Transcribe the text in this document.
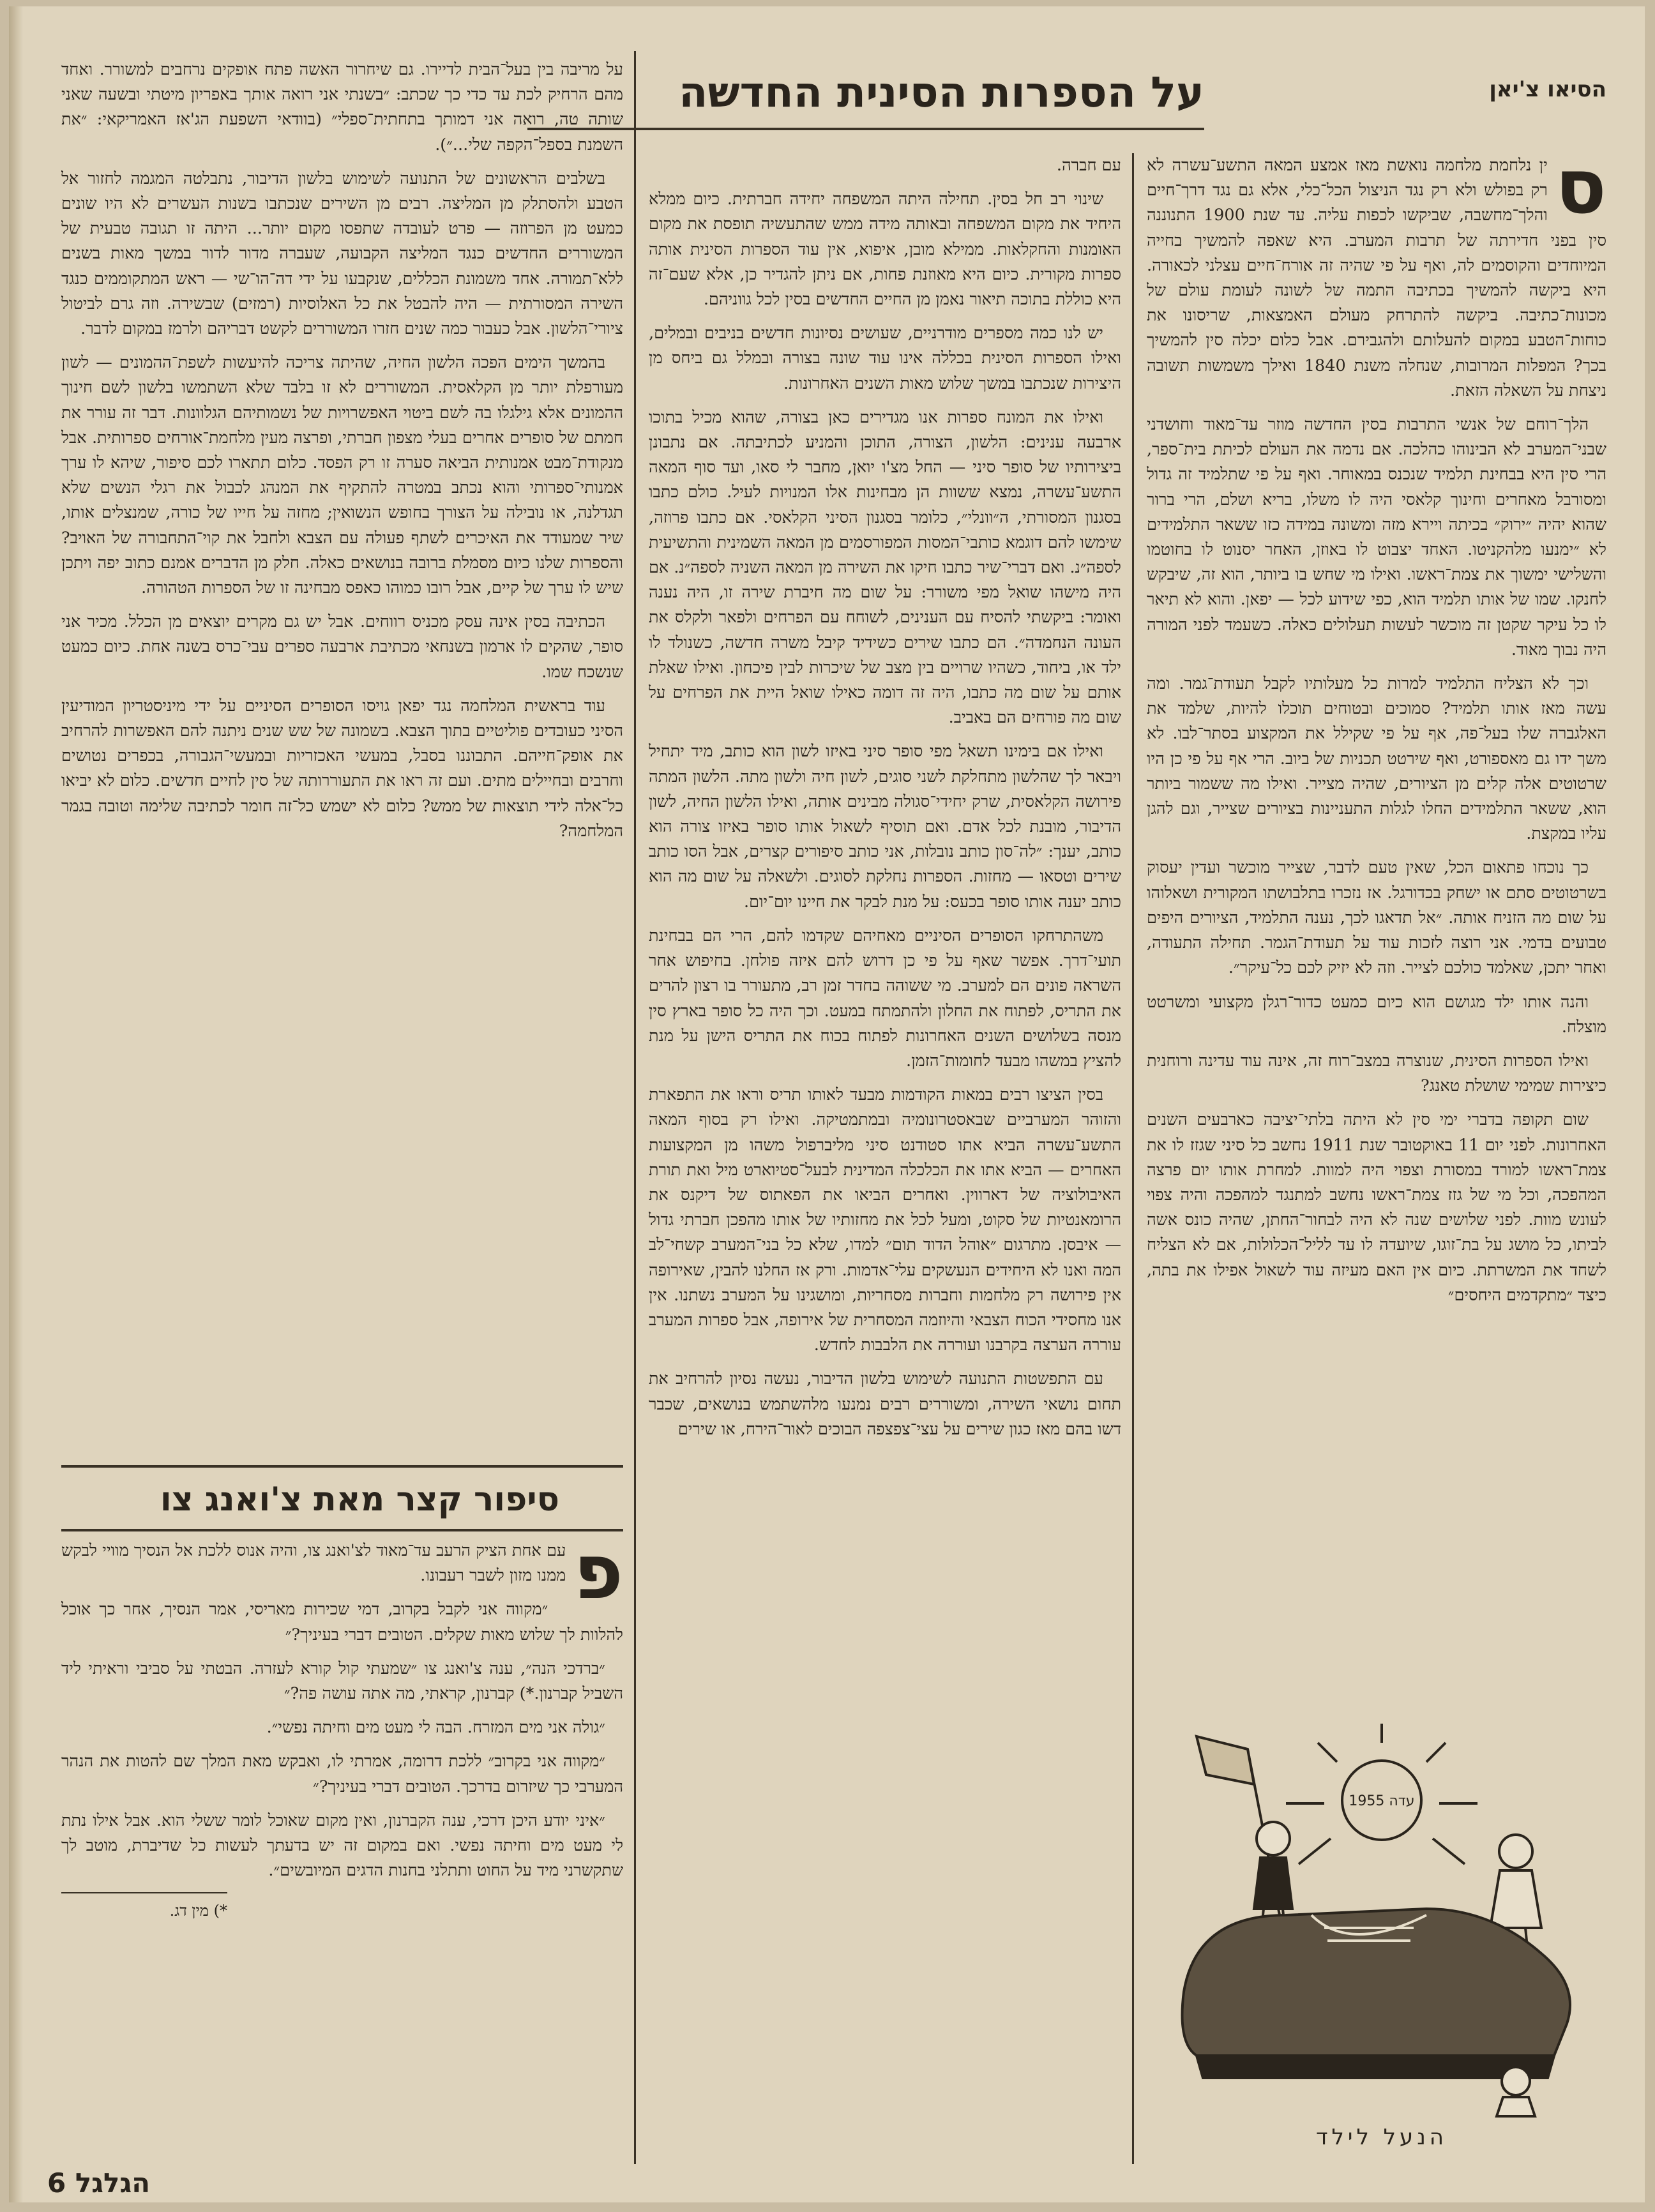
הסיאו צ'יאן
על הספרות הסינית החדשה
ס

ין נלחמת מלחמה נואשת מאז אמצע המאה התשע־עשרה לא רק בפולש ולא רק נגד הניצול הכל־כלי, אלא גם נגד דרך־חיים והלך־מחשבה, שביקשו לכפות עליה. עד שנת 1900 התנוננה סין בפני חדירתה של תרבות המערב. היא שאפה להמשיך בחייה המיוחדים והקוסמים לה, ואף על פי שהיה זה אורח־חיים עצלני לכאורה. היא ביקשה להמשיך בכתיבה התמה של לשונה לעומת עולם של מכונות־כתיבה. ביקשה להתרחק מעולם האמצאות, שריסונו את כוחות־הטבע במקום להעלותם ולהגבירם. אבל כלום יכלה סין להמשיך בכך? המפלות המרובות, שנחלה משנת 1840 ואילך משמשות תשובה ניצחת על השאלה הזאת.

הלך־רוחם של אנשי התרבות בסין החדשה מוזר עד־מאוד וחושדני שבני־המערב לא הבינוהו כהלכה. אם נדמה את העולם לכיתת בית־ספר, הרי סין היא בבחינת תלמיד שנכנס במאוחר. ואף על פי שתלמיד זה גדול ומסורבל מאחרים וחינוך קלאסי היה לו משלו, בריא ושלם, הרי ברור שהוא יהיה ״ירוק״ בכיתה ויירא מזה ומשונה במידה כזו ששאר התלמידים לא ״ימנעו מלהקניטו. האחד יצבוט לו באוזן, האחר יסנוט לו בחוטמו והשלישי ימשוך את צמת־ראשו. ואילו מי שחש בו ביותר, הוא זה, שיבקש לחנקו. שמו של אותו תלמיד הוא, כפי שידוע לכל — יפאן. והוא לא תיאר לו כל עיקר שקטן זה מוכשר לעשות תעלולים כאלה. כשעמד לפני המורה היה נבוך מאוד.

וכך לא הצליח התלמיד למרות כל מעלותיו לקבל תעודת־גמר. ומה עשה מאז אותו תלמיד? סמוכים ובטוחים תוכלו להיות, שלמד את האלגברה שלו בעל־פה, אף על פי שקילל את המקצוע בסתר־לבו. לא משך ידו גם מאספורט, ואף שירטט תכניות של ביוב. הרי אף על פי כן היו שרטוטים אלה קלים מן הציורים, שהיה מצייר. ואילו מה ששמור ביותר הוא, ששאר התלמידים החלו לגלות התעניינות בציורים שצייר, וגם להגן עליו במקצת.

כך נוכחו פתאום הכל, שאין טעם לדבר, שצייר מוכשר ועדין יעסוק בשרטוטים סתם או ישחק בכדורגל. אז נזכרו בתלבושתו המקורית ושאלוהו על שום מה הזניח אותה. ״אל תדאגו לכך, נענה התלמיד, הציורים היפים טבועים בדמי. אני רוצה לזכות עוד על תעודת־הגמר. תחילה התעודה, ואחר יתכן, שאלמד כולכם לצייר. וזה לא יזיק לכם כל־עיקר״.

והנה אותו ילד מגושם הוא כיום כמעט כדור־רגלן מקצועי ומשרטט מוצלח.

ואילו הספרות הסינית, שנוצרה במצב־רוח זה, אינה עוד עדינה ורוחנית כיצירות שמימי שושלת טאנג?

שום תקופה בדברי ימי סין לא היתה בלתי־יציבה כארבעים השנים האחרונות. לפני יום 11 באוקטובר שנת 1911 נחשב כל סיני שגזז לו את צמת־ראשו למורד במסורת וצפוי היה למוות. למחרת אותו יום פרצה המהפכה, וכל מי של גזז צמת־ראשו נחשב למתנגד למהפכה והיה צפוי לעונש מוות. לפני שלושים שנה לא היה לבחור־החתן, שהיה כונס אשה לביתו, כל מושג על בת־זוגו, שיועדה לו עד לליל־הכלולות, אם לא הצליח לשחד את המשרתת. כיום אין האם מעיזה עוד לשאול אפילו את בתה, כיצד ״מתקדמים היחסים״

עם חברה.

שינוי רב חל בסין. תחילה היתה המשפחה יחידה חברתית. כיום ממלא היחיד את מקום המשפחה ובאותה מידה ממש שהתעשיה תופסת את מקום האומנות והחקלאות. ממילא מובן, איפוא, אין עוד הספרות הסינית אותה ספרות מקורית. כיום היא מאוזנת פחות, אם ניתן להגדיר כן, אלא שעם־זה היא כוללת בתוכה תיאור נאמן מן החיים החדשים בסין לכל גווניהם.

יש לנו כמה מספרים מודרניים, שעושים נסיונות חדשים בניבים ובמלים, ואילו הספרות הסינית בכללה אינו עוד שונה בצורה ובמלל גם ביחס מן היצירות שנכתבו במשך שלוש מאות השנים האחרונות.

ואילו את המונח ספרות אנו מגדירים כאן בצורה, שהוא מכיל בתוכו ארבעה ענינים: הלשון, הצורה, התוכן והמניע לכתיבתה. אם נתבונן ביצירותיו של סופר סיני — החל מצ'ו יואן, מחבר לי סאו, ועד סוף המאה התשע־עשרה, נמצא ששוות הן מבחינות אלו המנויות לעיל. כולם כתבו בסגנון המסורתי, ה״וונלי״, כלומר בסגנון הסיני הקלאסי. אם כתבו פרוזה, שימשו להם דוגמא כותבי־המסות המפורסמים מן המאה השמינית והתשיעית לספה״נ. ואם דברי־שיר כתבו חיקו את השירה מן המאה השניה לספה״נ. אם היה מישהו שואל מפי משורר: על שום מה חיברת שירה זו, היה נענה ואומר: ביקשתי להסיח עם הענינים, לשוחח עם הפרחים ולפאר ולקלס את העונה הנחמדה״. הם כתבו שירים כשידיד קיבל משרה חדשה, כשנולד לו ילד או, ביחוד, כשהיו שרויים בין מצב של שיכרות לבין פיכחון. ואילו שאלת אותם על שום מה כתבו, היה זה דומה כאילו שואל היית את הפרחים על שום מה פורחים הם באביב.

ואילו אם בימינו תשאל מפי סופר סיני באיזו לשון הוא כותב, מיד יתחיל ויבאר לך שהלשון מתחלקת לשני סוגים, לשון חיה ולשון מתה. הלשון המתה פירושה הקלאסית, שרק יחידי־סגולה מבינים אותה, ואילו הלשון החיה, לשון הדיבור, מובנת לכל אדם. ואם תוסיף לשאול אותו סופר באיזו צורה הוא כותב, יענך: ״לה־סון כותב נובלות, אני כותב סיפורים קצרים, אבל הסו כותב שירים וטסאו — מחזות. הספרות נחלקת לסוגים. ולשאלה על שום מה הוא כותב יענה אותו סופר בכעס: על מנת לבקר את חיינו יום־יום.

משהתרחקו הסופרים הסיניים מאחיהם שקדמו להם, הרי הם בבחינת תועי־דרך. אפשר שאף על פי כן דרוש להם איזה פולחן. בחיפוש אחר השראה פונים הם למערב. מי ששוהה בחדר זמן רב, מתעורר בו רצון להרים את התריס, לפתוח את החלון ולהתמתח במעט. וכך היה כל סופר בארץ סין מנסה בשלושים השנים האחרונות לפתוח בכוח את התריס הישן על מנת להציץ במשהו מבעד לחומות־הזמן.

בסין הציצו רבים במאות הקודמות מבעד לאותו תריס וראו את התפארת והזוהר המערביים שבאסטרונומיה ובמתמטיקה. ואילו רק בסוף המאה התשע־עשרה הביא אתו סטודנט סיני מליברפול משהו מן המקצועות האחרים — הביא אתו את הכלכלה המדינית לבעל־סטיוארט מיל ואת תורת האיבולוציה של דארווין. ואחרים הביאו את הפאתוס של דיקנס את הרומאנטיות של סקוט, ומעל לכל את מחזותיו של אותו מהפכן חברתי גדול — איבסן. מתרגום ״אוהל הדוד תום״ למדו, שלא כל בני־המערב קשחי־לב המה ואנו לא היחידים הנעשקים עלי־אדמות. ורק אז החלנו להבין, שאירופה אין פירושה רק מלחמות וחברות מסחריות, ומושגינו על המערב נשתנו. אין אנו מחסידי הכוח הצבאי והיוזמה המסחרית של אירופה, אבל ספרות המערב עוררה הערצה בקרבנו ועוררה את הלבבות לחדש.

עם התפשטות התנועה לשימוש בלשון הדיבור, נעשה נסיון להרחיב את תחום נושאי השירה, ומשוררים רבים נמנעו מלהשתמש בנושאים, שכבר דשו בהם מאז כגון שירים על עצי־צפצפה הבוכים לאור־הירח, או שירים

על מריבה בין בעל־הבית לדיירו. גם שיחרור האשה פתח אופקים נרחבים למשורר. ואחד מהם הרחיק לכת עד כדי כך שכתב: ״בשנתי אני רואה אותך באפריון מיטתי ובשעה שאני שותה טה, רואה אני דמותך בתחתית־ספלי״ (בוודאי השפעת הג'אז האמריקאי: ״את השמנת בספל־הקפה שלי...״).

בשלבים הראשונים של התנועה לשימוש בלשון הדיבור, נתבלטה המגמה לחזור אל הטבע ולהסתלק מן המליצה. רבים מן השירים שנכתבו בשנות העשרים לא היו שונים כמעט מן הפרוזה — פרט לעובדה שתפסו מקום יותר... היתה זו תגובה טבעית של המשוררים החדשים כנגד המליצה הקבועה, שעברה מדור לדור במשך מאות בשנים ללא־תמורה. אחד משמונת הכללים, שנקבעו על ידי דה־הו־שי — ראש המתקוממים כנגד השירה המסורתית — היה להבטל את כל האלוסיות (רמזים) שבשירה. וזה גרם לביטול ציורי־הלשון. אבל כעבור כמה שנים חזרו המשוררים לקשט דבריהם ולרמז במקום לדבר.

בהמשך הימים הפכה הלשון החיה, שהיתה צריכה להיעשות לשפת־ההמונים — לשון מעורפלת יותר מן הקלאסית. המשוררים לא זו בלבד שלא השתמשו בלשון לשם חינוך ההמונים אלא גילגלו בה לשם ביטוי האפשרויות של נשמותיהם הגלוונות. דבר זה עורר את חמתם של סופרים אחרים בעלי מצפון חברתי, ופרצה מעין מלחמת־אורחים ספרותית. אבל מנקודת־מבט אמנותית הביאה סערה זו רק הפסד. כלום תתארו לכם סיפור, שיהא לו ערך אמנותי־ספרותי והוא נכתב במטרה להתקיף את המנהג לכבול את רגלי הנשים שלא תגדלנה, או נובילה על הצורך בחופש הנשואין; מחזה על חייו של כורה, שמנצלים אותו, שיר שמעודד את האיכרים לשתף פעולה עם הצבא ולחבל את קוי־התחבורה של האויב? והספרות שלנו כיום מסמלת ברובה בנושאים כאלה. חלק מן הדברים אמנם כתוב יפה ויתכן שיש לו ערך של קיים, אבל רובו כמוהו כאפס מבחינה זו של הספרות הטהורה.

הכתיבה בסין אינה עסק מכניס רווחים. אבל יש גם מקרים יוצאים מן הכלל. מכיר אני סופר, שהקים לו ארמון בשנחאי מכתיבת ארבעה ספרים עבי־כרס בשנה אחת. כיום כמעט שנשכח שמו.

עוד בראשית המלחמה נגד יפאן גויסו הסופרים הסיניים על ידי מיניסטריון המודיעין הסיני כעובדים פוליטיים בתוך הצבא. בשמונה של שש שנים ניתנה להם האפשרות להרחיב את אופק־חייהם. התבוננו בסבל, במעשי האכזריות ובמעשי־הגבורה, בכפרים נטושים וחרבים ובחיילים מתים. ועם זה ראו את התעוררותה של סין לחיים חדשים. כלום לא יביאו כל־אלה לידי תוצאות של ממש? כלום לא ישמש כל־זה חומר לכתיבה שלימה וטובה בגמר המלחמה?

סיפור קצר מאת צ'ואנג צו
פ

עם אחת הציק הרעב עד־מאוד לצ'ואנג צו, והיה אנוס ללכת אל הנסיך מוויי לבקש ממנו מזון לשבר רעבונו.

״מקווה אני לקבל בקרוב, דמי שכירות מאריסי, אמר הנסיך, אחר כך אוכל להלוות לך שלוש מאות שקלים. הטובים דברי בעיניך?״

״ברדכי הנה״, ענה צ'ואנג צו ״שמעתי קול קורא לעזרה. הבטתי על סביבי וראיתי ליד השביל קברנון.*) קברנון, קראתי, מה אתה עושה פה?״

״גולה אני מים המזרח. הבה לי מעט מים וחיתה נפשי״.

״מקווה אני בקרוב״ ללכת דרומה, אמרתי לו, ואבקש מאת המלך שם להטות את הנהר המערבי כך שיזרום בדרכך. הטובים דברי בעיניך?״

״איני יודע היכן דרכי, ענה הקברנון, ואין מקום שאוכל לומר ששלי הוא. אבל אילו נתת לי מעט מים וחיתה נפשי. ואם במקום זה יש בדעתך לעשות כל שדיברת, מוטב לך שתקשרני מיד על החוט ותתלני בחנות הדגים המיובשים״.

*) מין דג.

עדה 1955
הנעל לילד
הגלגל 6
